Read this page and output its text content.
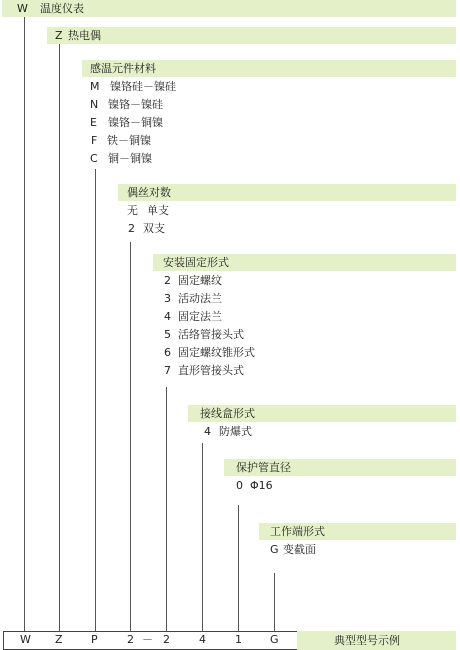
W 温度仪表
Z 热电偶
感温元件材料
M 镍铬硅－镍硅
N 镍铬－镍硅
E 镍铬－铜镍
F 铁－铜镍
C 铜－铜镍
偶丝对数
无 单支
2 双支
安装固定形式
2 固定螺纹
3 活动法兰
4 固定法兰
5 活络管接头式
6 固定螺纹锥形式
7 直形管接头式
接线盒形式
4 防爆式
保护管直径
0 Φ16
工作端形式
G 变截面
W Z	P	2 － 2	4	1	G	典型型号示例
